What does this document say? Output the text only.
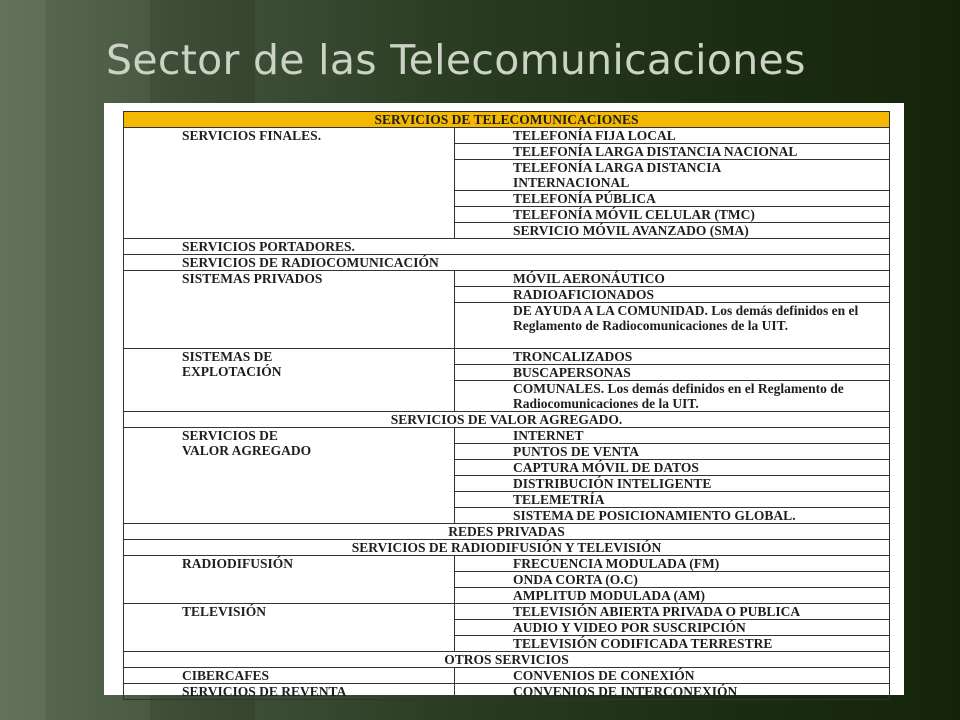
Sector de las Telecomunicaciones
SERVICIOS DE TELECOMUNICACIONES	
SERVICIOS FINALES.	TELEFONÍA FIJA LOCAL
	TELEFONÍA LARGA DISTANCIA NACIONAL
	TELEFONÍA LARGA DISTANCIA INTERNACIONAL
	TELEFONÍA PÚBLICA
	TELEFONÍA MÓVIL CELULAR (TMC)
	SERVICIO MÓVIL AVANZADO (SMA)
SERVICIOS PORTADORES.	
SERVICIOS DE RADIOCOMUNICACIÓN	
SISTEMAS PRIVADOS	MÓVIL AERONÁUTICO
	RADIOAFICIONADOS
	DE AYUDA A LA COMUNIDAD. Los demás definidos en el Reglamento de Radiocomunicaciones de la UIT.
SISTEMAS DE EXPLOTACIÓN	TRONCALIZADOS
	BUSCAPERSONAS
	COMUNALES. Los demás definidos en el Reglamento de Radiocomunicaciones de la UIT.
SERVICIOS DE VALOR AGREGADO.	
SERVICIOS DE VALOR AGREGADO	INTERNET
	PUNTOS DE VENTA
	CAPTURA MÓVIL DE DATOS
	DISTRIBUCIÓN INTELIGENTE
	TELEMETRÍA
	SISTEMA DE POSICIONAMIENTO GLOBAL.
REDES PRIVADAS	
SERVICIOS DE RADIODIFUSIÓN Y TELEVISIÓN	
RADIODIFUSIÓN	FRECUENCIA MODULADA (FM)
	ONDA CORTA (O.C)
	AMPLITUD MODULADA (AM)
TELEVISIÓN	TELEVISIÓN ABIERTA PRIVADA O PUBLICA
	AUDIO Y VIDEO POR SUSCRIPCIÓN
	TELEVISIÓN CODIFICADA TERRESTRE
OTROS SERVICIOS	
CIBERCAFES	CONVENIOS DE CONEXIÓN
SERVICIOS DE REVENTA	CONVENIOS DE INTERCONEXIÓN
